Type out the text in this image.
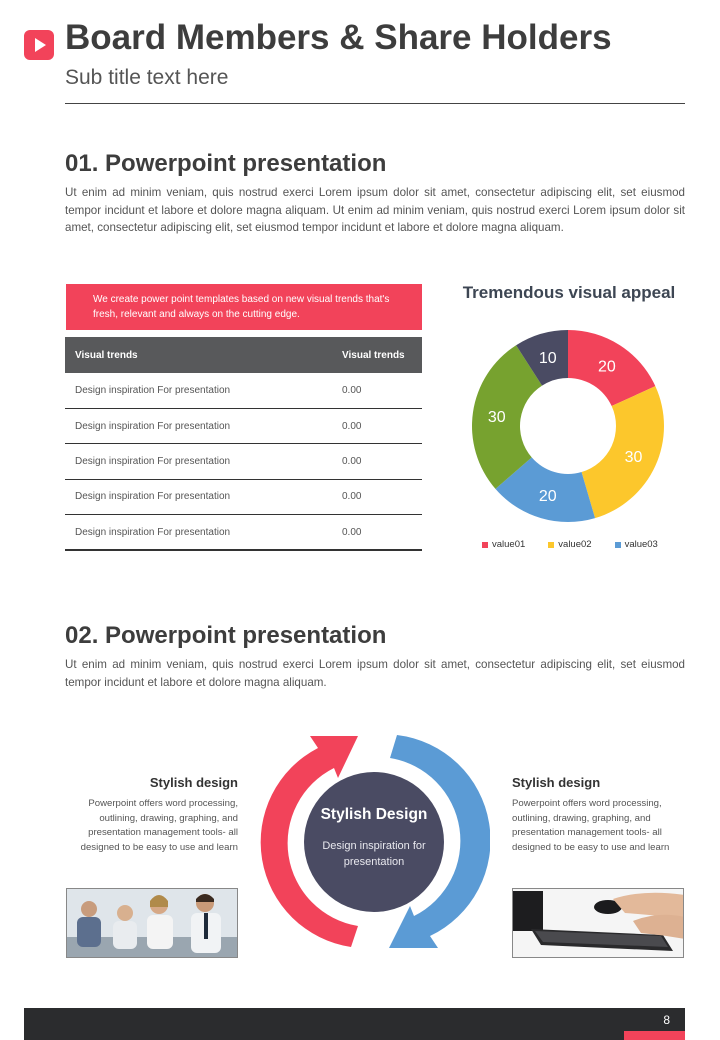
Board Members & Share Holders
Sub title text here
01. Powerpoint presentation
Ut enim ad minim veniam, quis nostrud exerci Lorem ipsum dolor sit amet, consectetur adipiscing elit, set eiusmod tempor incidunt et labore et dolore magna aliquam. Ut enim ad minim veniam, quis nostrud exerci Lorem ipsum dolor sit amet, consectetur adipiscing elit, set eiusmod tempor incidunt et labore et dolore magna aliquam.
We create power point templates based on new visual trends that's fresh, relevant and always on the cutting edge.
Visual trends	Visual trends
Design inspiration For presentation	0.00
Design inspiration For presentation	0.00
Design inspiration For presentation	0.00
Design inspiration For presentation	0.00
Design inspiration For presentation	0.00
Tremendous visual appeal
20
30
20
30
10
value01	value02	value03
02. Powerpoint presentation
Ut enim ad minim veniam, quis nostrud exerci Lorem ipsum dolor sit amet, consectetur adipiscing elit, set eiusmod tempor incidunt et labore et dolore magna aliquam.
Stylish design
Powerpoint offers word processing, outlining, drawing, graphing, and presentation management tools- all designed to be easy to use and learn
Stylish design
Powerpoint offers word processing, outlining, drawing, graphing, and presentation management tools- all designed to be easy to use and learn
Stylish Design
Design inspiration for presentation
8
